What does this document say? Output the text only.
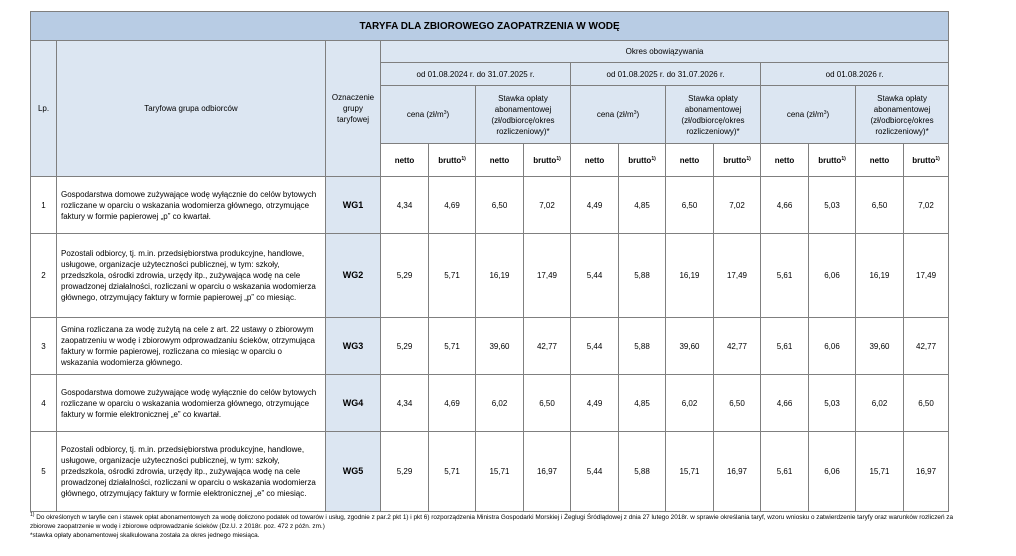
TARYFA DLA ZBIOROWEGO ZAOPATRZENIA W WODĘ														
Lp.	Taryfowa grupa odbiorców	Oznaczenie grupy taryfowej	Okres obowiązywania											
			od 01.08.2024 r. do 31.07.2025 r.				od 01.08.2025 r. do 31.07.2026 r.				od 01.08.2026 r.			
			cena $(zł/m^3)$		Stawka opłaty abonamentowej (zł/odbiorcę/okres rozliczeniowy)*		cena $(zł/m^3)$		Stawka opłaty abonamentowej (zł/odbiorcę/okres rozliczeniowy)*		cena $(zł/m^3)$		Stawka opłaty abonamentowej (zł/odbiorcę/okres rozliczeniowy)*	
			netto	brutto$^{1)}$	netto	brutto$^{1)}$	netto	brutto$^{1)}$	netto	brutto$^{1)}$	netto	brutto$^{1)}$	netto	brutto$^{1)}$
1	Gospodarstwa domowe zużywające wodę wyłącznie do celów bytowych rozliczane w oparciu o wskazania wodomierza głównego, otrzymujące faktury w formie papierowej „p” co kwartał.	WG1	4,34	4,69	6,50	7,02	4,49	4,85	6,50	7,02	4,66	5,03	6,50	7,02
2	Pozostali odbiorcy, tj. m.in. przedsiębiorstwa produkcyjne, handlowe, usługowe, organizacje użyteczności publicznej, w tym: szkoły, przedszkola, ośrodki zdrowia, urzędy itp., zużywająca wodę na cele prowadzonej działalności, rozliczani w oparciu o wskazania wodomierza głównego, otrzymujący faktury w formie papierowej „p” co miesiąc.	WG2	5,29	5,71	16,19	17,49	5,44	5,88	16,19	17,49	5,61	6,06	16,19	17,49
3	Gmina rozliczana za wodę zużytą na cele z art. 22 ustawy o zbiorowym zaopatrzeniu w wodę i zbiorowym odprowadzaniu ścieków, otrzymująca faktury w formie papierowej, rozliczana co miesiąc w oparciu o wskazania wodomierza głównego.	WG3	5,29	5,71	39,60	42,77	5,44	5,88	39,60	42,77	5,61	6,06	39,60	42,77
4	Gospodarstwa domowe zużywające wodę wyłącznie do celów bytowych rozliczane w oparciu o wskazania wodomierza głównego, otrzymujące faktury w formie elektronicznej „e” co kwartał.	WG4	4,34	4,69	6,02	6,50	4,49	4,85	6,02	6,50	4,66	5,03	6,02	6,50
5	Pozostali odbiorcy, tj. m.in. przedsiębiorstwa produkcyjne, handlowe, usługowe, organizacje użyteczności publicznej, w tym: szkoły, przedszkola, ośrodki zdrowia, urzędy itp., zużywająca wodę na cele prowadzonej działalności, rozliczani w oparciu o wskazania wodomierza głównego, otrzymujący faktury w formie elektronicznej „e” co miesiąc.	WG5	5,29	5,71	15,71	16,97	5,44	5,88	15,71	16,97	5,61	6,06	15,71	16,97

$^{1)}$ Do określonych w taryfie cen i stawek opłat abonamentowych za wodę doliczono podatek od towarów i usług, zgodnie z par.2 pkt 1) i pkt 6) rozporządzenia Ministra Gospodarki Morskiej i Żeglugi Śródlądowej z dnia 27 lutego 2018r. w sprawie określania taryf, wzoru wniosku o zatwierdzenie taryfy oraz warunków rozliczeń za zbiorowe zaopatrzenie w wodę i zbiorowe odprowadzanie ścieków (Dz.U. z 2018r. poz. 472 z późn. zm.)

*stawka opłaty abonamentowej skalkulowana została za okres jednego miesiąca.
